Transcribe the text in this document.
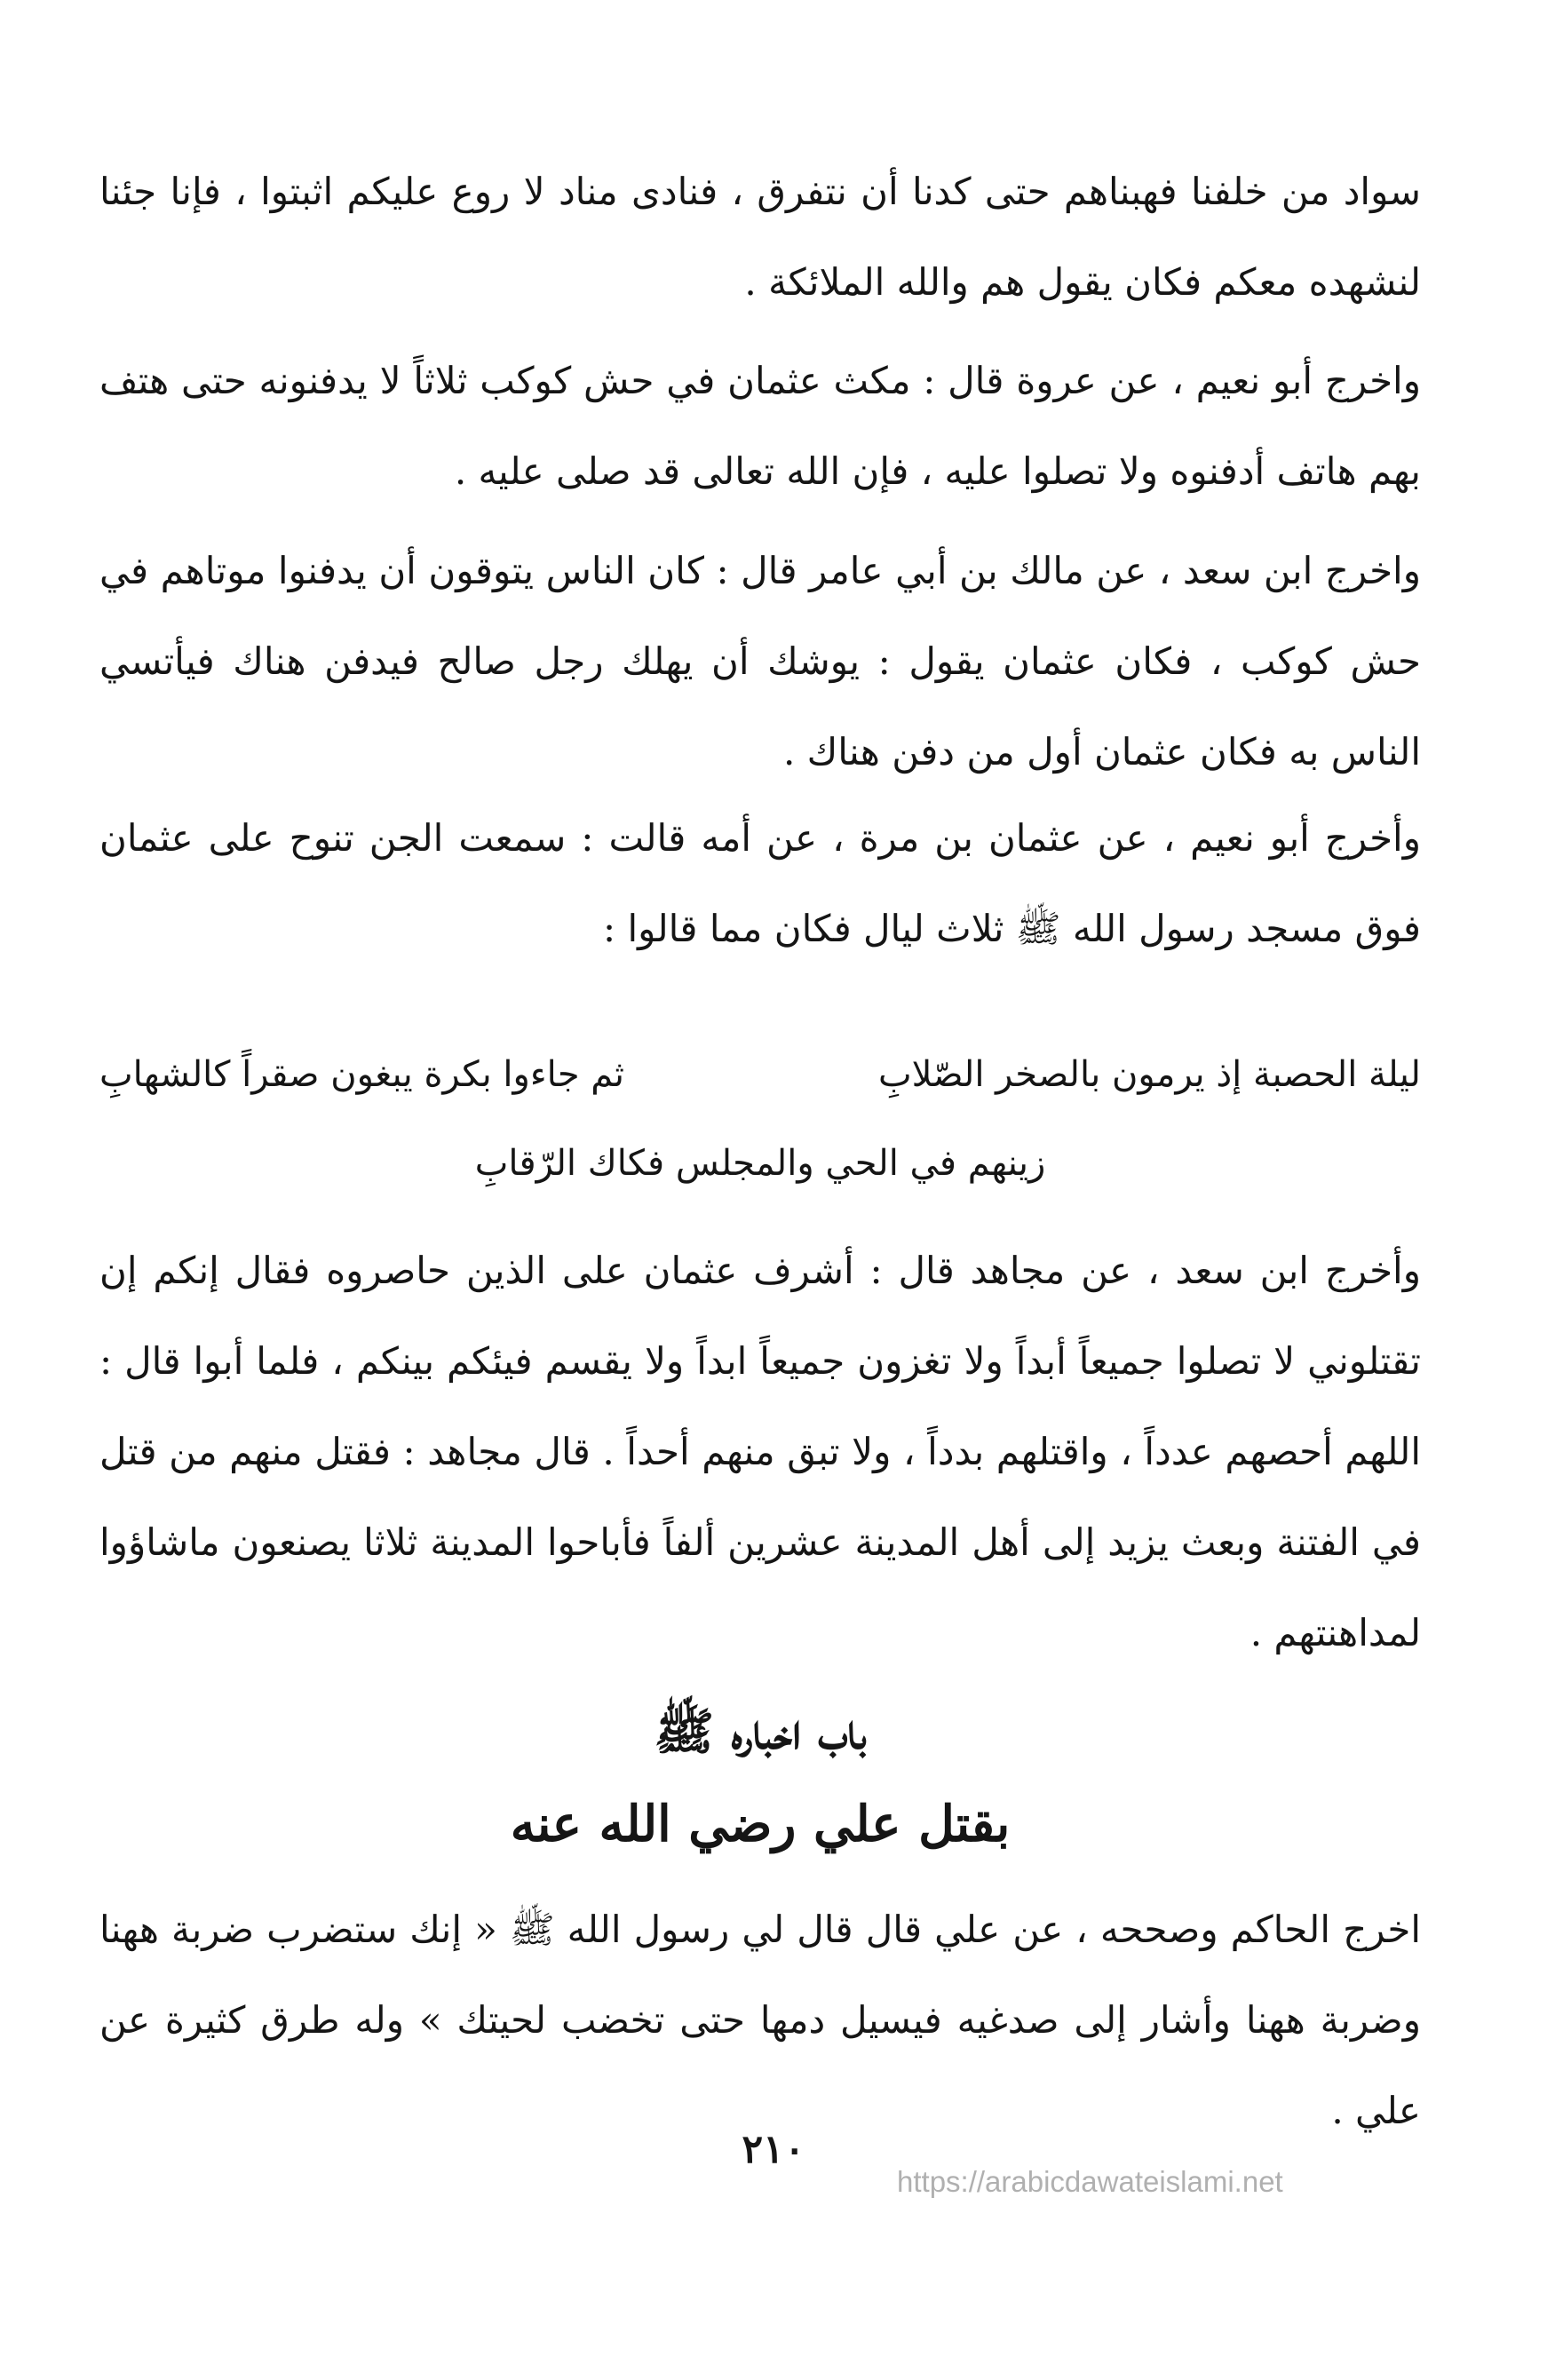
سواد من خلفنا فهبناهم حتى كدنا أن نتفرق ، فنادى مناد لا روع عليكم اثبتوا ، فإنا جئنا لنشهده معكم فكان يقول هم والله الملائكة .

واخرج أبو نعيم ، عن عروة قال : مكث عثمان في حش كوكب ثلاثاً لا يدفنونه حتى هتف بهم هاتف أدفنوه ولا تصلوا عليه ، فإن الله تعالى قد صلى عليه .

واخرج ابن سعد ، عن مالك بن أبي عامر قال : كان الناس يتوقون أن يدفنوا موتاهم في حش كوكب ، فكان عثمان يقول : يوشك أن يهلك رجل صالح فيدفن هناك فيأتسي الناس به فكان عثمان أول من دفن هناك .

وأخرج أبو نعيم ، عن عثمان بن مرة ، عن أمه قالت : سمعت الجن تنوح على عثمان فوق مسجد رسول الله ﷺ ثلاث ليال فكان مما قالوا :

ليلة الحصبة إذ يرمون بالصخر الصّلابِ
ثم جاءوا بكرة يبغون صقراً كالشهابِ
زينهم في الحي والمجلس فكاك الرّقابِ

وأخرج ابن سعد ، عن مجاهد قال : أشرف عثمان على الذين حاصروه فقال إنكم إن تقتلوني لا تصلوا جميعاً أبداً ولا تغزون جميعاً ابداً ولا يقسم فيئكم بينكم ، فلما أبوا قال : اللهم أحصهم عدداً ، واقتلهم بدداً ، ولا تبق منهم أحداً . قال مجاهد : فقتل منهم من قتل في الفتنة وبعث يزيد إلى أهل المدينة عشرين ألفاً فأباحوا المدينة ثلاثا يصنعون ماشاؤوا لمداهنتهم .

باب اخباره ﷺ
بقتل علي رضي الله عنه

اخرج الحاكم وصححه ، عن علي قال قال لي رسول الله ﷺ « إنك ستضرب ضربة ههنا وضربة ههنا وأشار إلى صدغيه فيسيل دمها حتى تخضب لحيتك » وله طرق كثيرة عن علي .

https://arabicdawateislami.net
٢١٠
